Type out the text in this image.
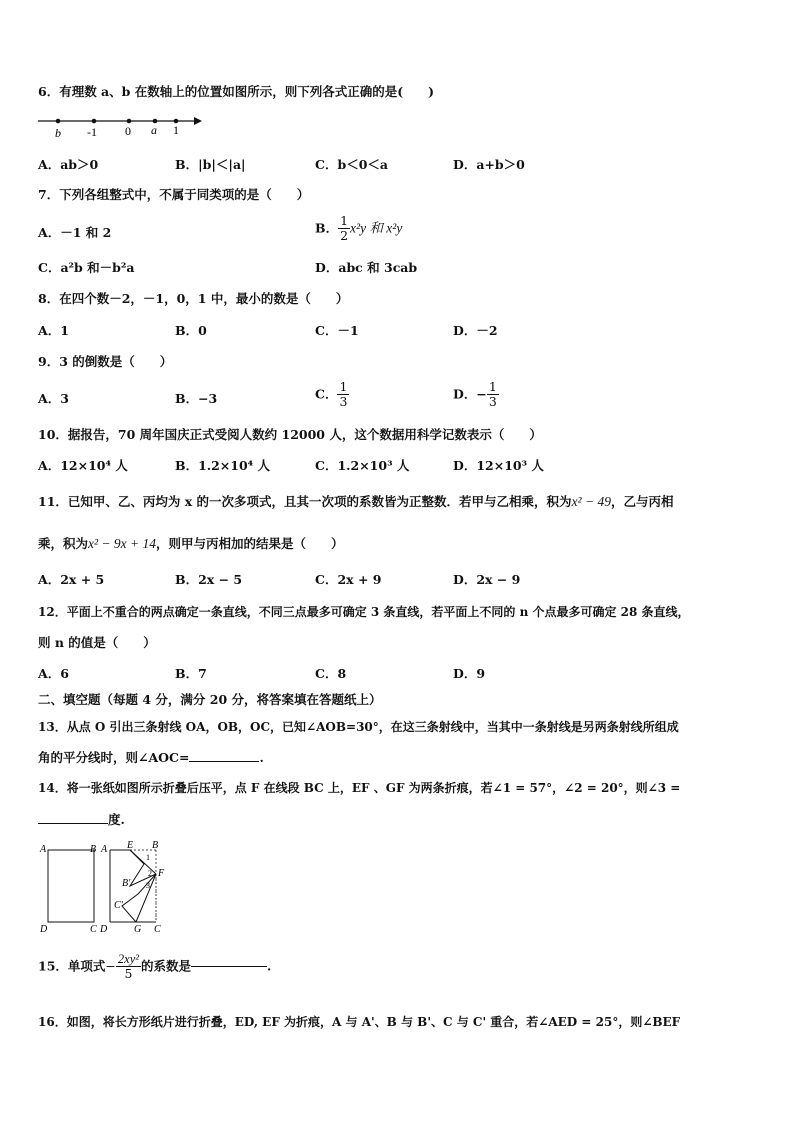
6．有理数 a、b 在数轴上的位置如图所示，则下列各式正确的是(　　)
b -1 0 a 1
A．ab＞0	B．|b|＜|a|	C．b＜0＜a	D．a+b＞0
7．下列各组整式中，不属于同类项的是（　　）
A．－1 和 2	B． $\frac{1}{2} x^2y$ 和 x²y
C．a²b 和－b²a	D．abc 和 3cab
8．在四个数－2，－1，0，1 中，最小的数是（　　）
A．1	B．0	C．－1	D．－2
9．3 的倒数是（　　）
A．3	B．−3	C． $\frac{1}{3}$	D．− $\frac{1}{3}$
10．据报告，70 周年国庆正式受阅人数约 12000 人，这个数据用科学记数表示（　　）
A．12×10⁴ 人	B．1.2×10⁴ 人	C．1.2×10³ 人	D．12×10³ 人
11．已知甲、乙、丙均为 x 的一次多项式，且其一次项的系数皆为正整数．若甲与乙相乘，积为x² − 49，乙与丙相
乘，积为x² − 9x + 14，则甲与丙相加的结果是（　　）
A．2x + 5	B．2x − 5	C．2x + 9	D．2x − 9
12．平面上不重合的两点确定一条直线，不同三点最多可确定 3 条直线，若平面上不同的 n 个点最多可确定 28 条直线，
则 n 的值是（　　）
A．6	B．7	C．8	D．9
二、填空题（每题 4 分，满分 20 分，将答案填在答题纸上）
13．从点 O 引出三条射线 OA，OB，OC，已知∠AOB=30°，在这三条射线中，当其中一条射线是另两条射线所组成
角的平分线时，则∠AOC=	.
14．将一张纸如图所示折叠后压平，点 F 在线段 BC 上，EF 、GF 为两条折痕，若∠1 = 57°，∠2 = 20°，则∠3 =
度.
A	B
C
D
A E B
1
2
3
F
B'
C'
D	G C
15．单项式− $\frac{\text{2xy²}}{5}$ 的系数是	.
16．如图，将长方形纸片进行折叠，ED, EF 为折痕，A 与 A'、B 与 B'、C 与 C' 重合，若∠AED = 25°，则∠BEF
